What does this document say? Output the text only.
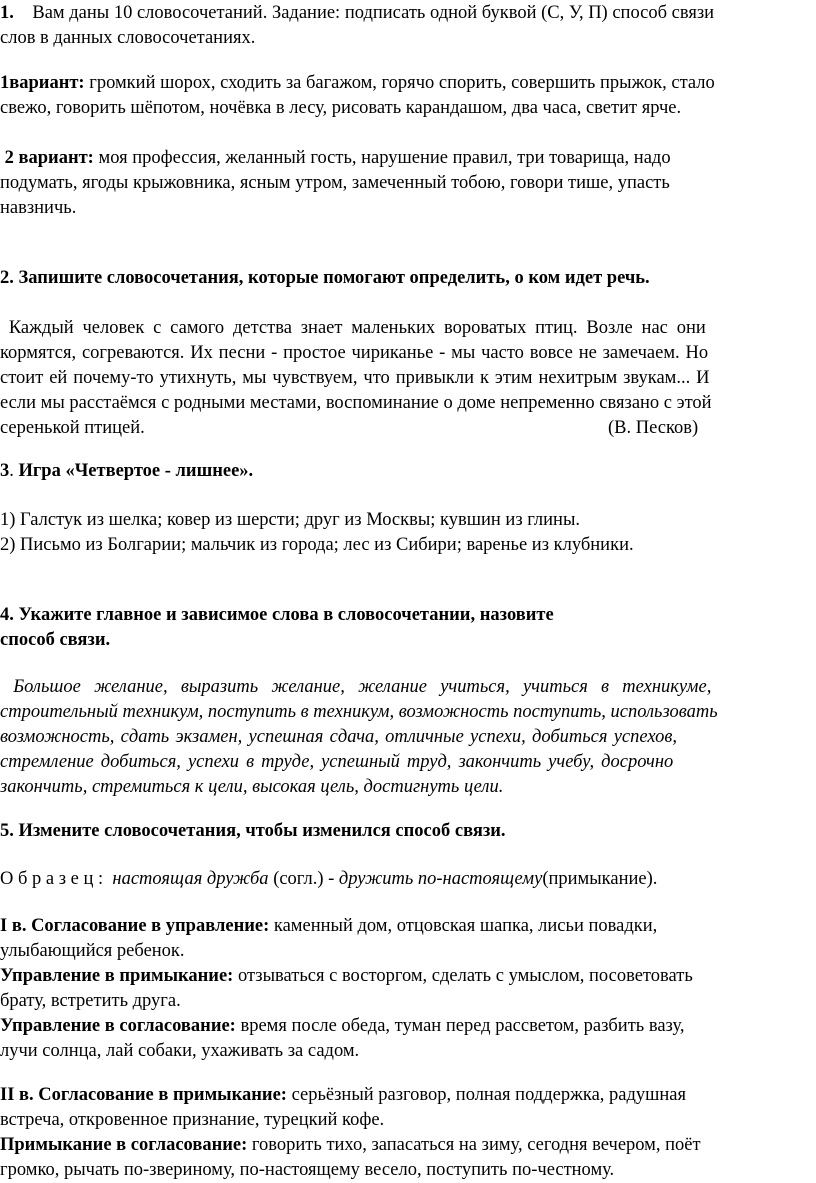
1. Вам даны 10 словосочетаний. Задание: подписать одной буквой (С, У, П) способ связи
слов в данных словосочетаниях.
1вариант: громкий шорох, сходить за багажом, горячо спорить, совершить прыжок, стало
свежо, говорить шёпотом, ночёвка в лесу, рисовать карандашом, два часа, светит ярче.
2 вариант: моя профессия, желанный гость, нарушение правил, три товарища, надо
подумать, ягоды крыжовника, ясным утром, замеченный тобою, говори тише, упасть
навзничь.
2. Запишите словосочетания, которые помогают определить, о ком идет речь.
Каждый человек с самого детства знает маленьких вороватых птиц. Возле нас они
кормятся, согреваются. Их песни - простое чириканье - мы часто вовсе не замечаем. Но
стоит ей почему-то утихнуть, мы чувствуем, что привыкли к этим нехитрым звукам... И
если мы расстаёмся с родными местами, воспоминание о доме непременно связано с этой
серенькой птицей.	(В. Песков)
3. Игра «Четвертое - лишнее».
1) Галстук из шелка; ковер из шерсти; друг из Москвы; кувшин из глины.
2) Письмо из Болгарии; мальчик из города; лес из Сибири; варенье из клубники.
4. Укажите главное и зависимое слова в словосочетании, назовите
способ связи.
Большое желание, выразить желание, желание учиться, учиться в техникуме,
строительный техникум, поступить в техникум, возможность поступить, использовать
возможность, сдать экзамен, успешная сдача, отличные успехи, добиться успехов,
стремление добиться, успехи в труде, успешный труд, закончить учебу, досрочно
закончить, стремиться к цели, высокая цель, достигнуть цели.
5. Измените словосочетания, чтобы изменился способ связи.
О б р а з е ц : настоящая дружба (согл.) - дружить по-настоящему(примыкание).
I в. Согласование в управление: каменный дом, отцовская шапка, лисьи повадки,
улыбающийся ребенок.
Управление в примыкание: отзываться с восторгом, сделать с умыслом, посоветовать
брату, встретить друга.
Управление в согласование: время после обеда, туман перед рассветом, разбить вазу,
лучи солнца, лай собаки, ухаживать за садом.
II в. Согласование в примыкание: серьёзный разговор, полная поддержка, радушная
встреча, откровенное признание, турецкий кофе.
Примыкание в согласование: говорить тихо, запасаться на зиму, сегодня вечером, поёт
громко, рычать по-звериному, по-настоящему весело, поступить по-честному.
